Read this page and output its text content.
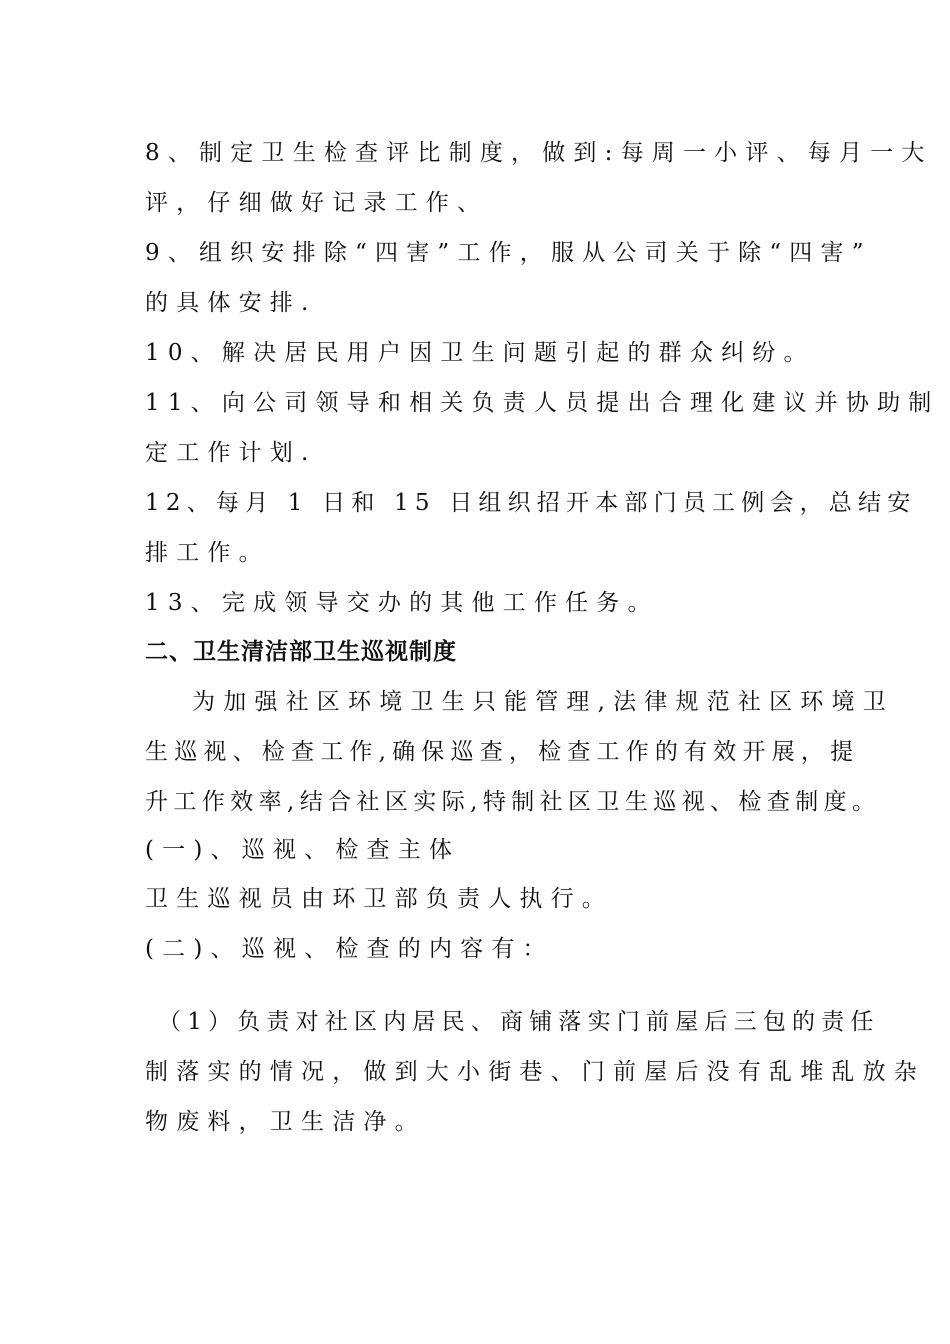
8、制定卫生检查评比制度，做到:每周一小评、每月一大
评，仔细做好记录工作、
9、组织安排除“四害”工作，服从公司关于除“四害”
的具体安排.
10、解决居民用户因卫生问题引起的群众纠纷。
11、向公司领导和相关负责人员提出合理化建议并协助制
定工作计划.
12、每月 1 日和 15 日组织招开本部门员工例会，总结安
排工作。
13、完成领导交办的其他工作任务。
二、卫生清洁部卫生巡视制度
为加强社区环境卫生只能管理,法律规范社区环境卫
生巡视、检查工作,确保巡查，检查工作的有效开展，提
升工作效率,结合社区实际,特制社区卫生巡视、检查制度。
(一)、巡视、检查主体
卫生巡视员由环卫部负责人执行。
(二)、巡视、检查的内容有：
（1）负责对社区内居民、商铺落实门前屋后三包的责任
制落实的情况，做到大小街巷、门前屋后没有乱堆乱放杂
物废料，卫生洁净。
